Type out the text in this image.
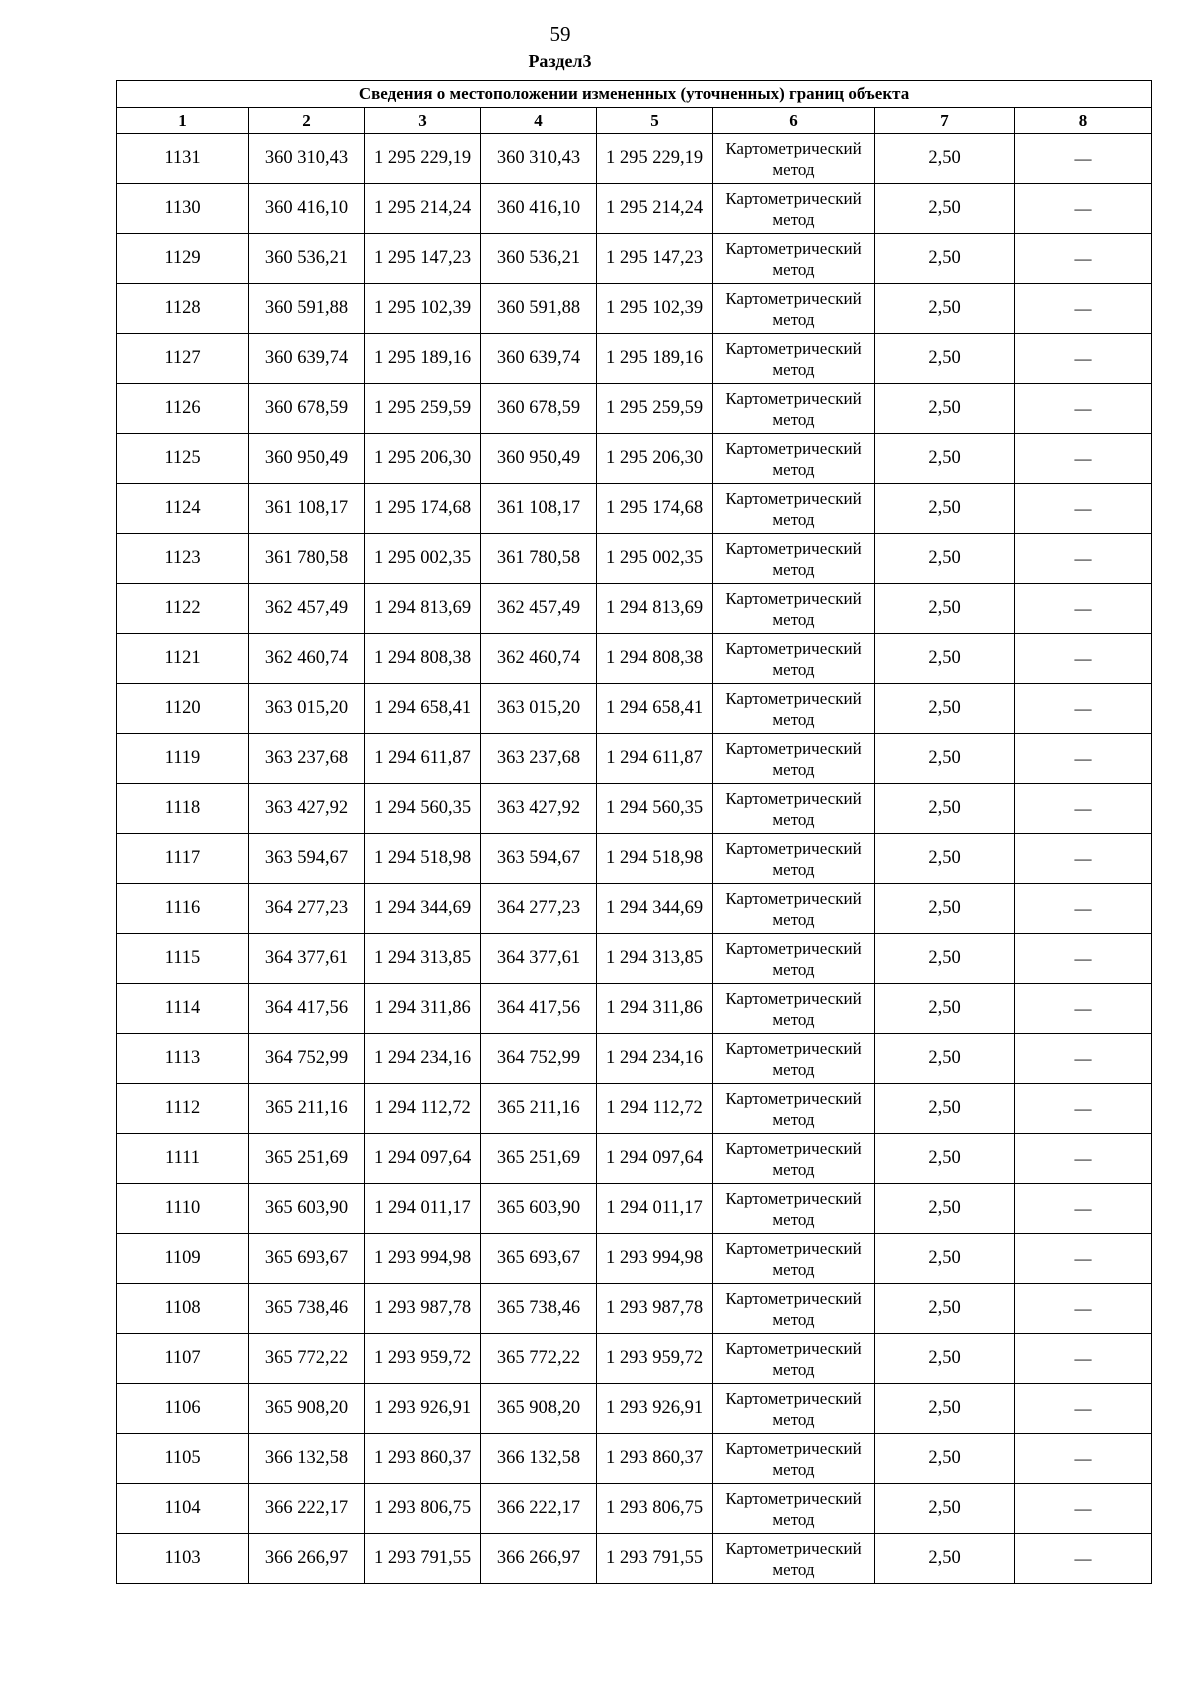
59
Раздел3
Сведения о местоположении измененных (уточненных) границ объекта							
1	2	3	4	5	6	7	8
1131	360 310,43	1 295 229,19	360 310,43	1 295 229,19	Картометрический метод	2,50	—
1130	360 416,10	1 295 214,24	360 416,10	1 295 214,24	Картометрический метод	2,50	—
1129	360 536,21	1 295 147,23	360 536,21	1 295 147,23	Картометрический метод	2,50	—
1128	360 591,88	1 295 102,39	360 591,88	1 295 102,39	Картометрический метод	2,50	—
1127	360 639,74	1 295 189,16	360 639,74	1 295 189,16	Картометрический метод	2,50	—
1126	360 678,59	1 295 259,59	360 678,59	1 295 259,59	Картометрический метод	2,50	—
1125	360 950,49	1 295 206,30	360 950,49	1 295 206,30	Картометрический метод	2,50	—
1124	361 108,17	1 295 174,68	361 108,17	1 295 174,68	Картометрический метод	2,50	—
1123	361 780,58	1 295 002,35	361 780,58	1 295 002,35	Картометрический метод	2,50	—
1122	362 457,49	1 294 813,69	362 457,49	1 294 813,69	Картометрический метод	2,50	—
1121	362 460,74	1 294 808,38	362 460,74	1 294 808,38	Картометрический метод	2,50	—
1120	363 015,20	1 294 658,41	363 015,20	1 294 658,41	Картометрический метод	2,50	—
1119	363 237,68	1 294 611,87	363 237,68	1 294 611,87	Картометрический метод	2,50	—
1118	363 427,92	1 294 560,35	363 427,92	1 294 560,35	Картометрический метод	2,50	—
1117	363 594,67	1 294 518,98	363 594,67	1 294 518,98	Картометрический метод	2,50	—
1116	364 277,23	1 294 344,69	364 277,23	1 294 344,69	Картометрический метод	2,50	—
1115	364 377,61	1 294 313,85	364 377,61	1 294 313,85	Картометрический метод	2,50	—
1114	364 417,56	1 294 311,86	364 417,56	1 294 311,86	Картометрический метод	2,50	—
1113	364 752,99	1 294 234,16	364 752,99	1 294 234,16	Картометрический метод	2,50	—
1112	365 211,16	1 294 112,72	365 211,16	1 294 112,72	Картометрический метод	2,50	—
1111	365 251,69	1 294 097,64	365 251,69	1 294 097,64	Картометрический метод	2,50	—
1110	365 603,90	1 294 011,17	365 603,90	1 294 011,17	Картометрический метод	2,50	—
1109	365 693,67	1 293 994,98	365 693,67	1 293 994,98	Картометрический метод	2,50	—
1108	365 738,46	1 293 987,78	365 738,46	1 293 987,78	Картометрический метод	2,50	—
1107	365 772,22	1 293 959,72	365 772,22	1 293 959,72	Картометрический метод	2,50	—
1106	365 908,20	1 293 926,91	365 908,20	1 293 926,91	Картометрический метод	2,50	—
1105	366 132,58	1 293 860,37	366 132,58	1 293 860,37	Картометрический метод	2,50	—
1104	366 222,17	1 293 806,75	366 222,17	1 293 806,75	Картометрический метод	2,50	—
1103	366 266,97	1 293 791,55	366 266,97	1 293 791,55	Картометрический метод	2,50	—
